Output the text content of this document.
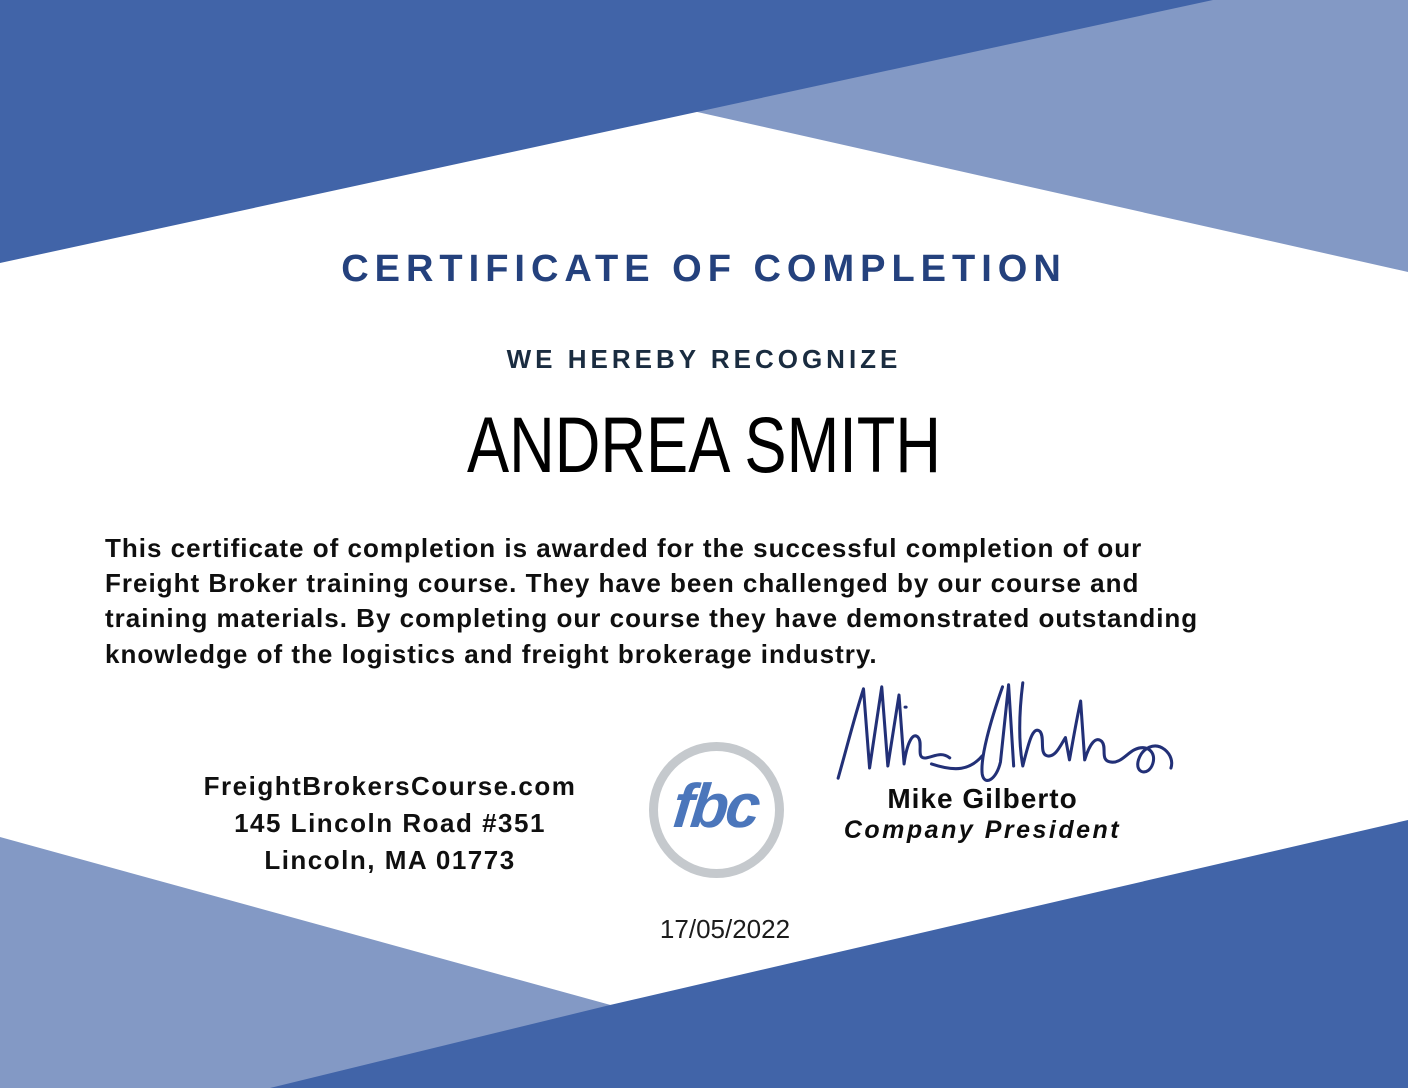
CERTIFICATE OF COMPLETION
WE HEREBY RECOGNIZE
ANDREA SMITH
This certificate of completion is awarded for the successful completion of our
Freight Broker training course. They have been challenged by our course and
training materials. By completing our course they have demonstrated outstanding
knowledge of the logistics and freight brokerage industry.
FreightBrokersCourse.com
145 Lincoln Road #351
Lincoln, MA 01773
fbc	Mike Gilberto
Company President
17/05/2022
